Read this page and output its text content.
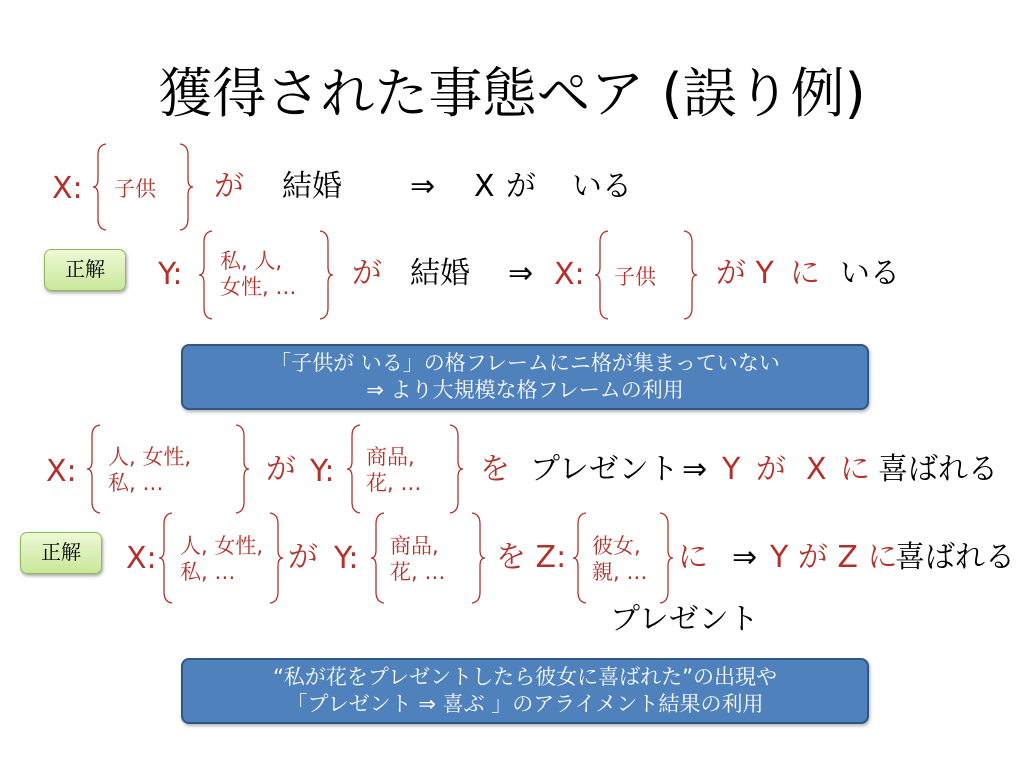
獲得された事態ペア (誤り例)
X: 子供 が 結婚 ⇒ X が いる
正解	Y: 私, 人,
女性, … が 結婚 ⇒ X: 子供 が Y に いる
「子供が いる」の格フレームにニ格が集まっていない
⇒ より大規模な格フレームの利用
X: 人, 女性,
私, …	が Y: 商品,
花, … を プレゼント ⇒ Y が X に 喜ばれる
正解	X: 人, 女性,
私, …	が Y: 商品,
花, … を Z: 彼女,
親, … に ⇒ Y が Z に
喜ばれる
プレゼント
“私が花をプレゼントしたら彼女に喜ばれた”の出現や
「プレゼント ⇒ 喜ぶ 」のアライメント結果の利用
